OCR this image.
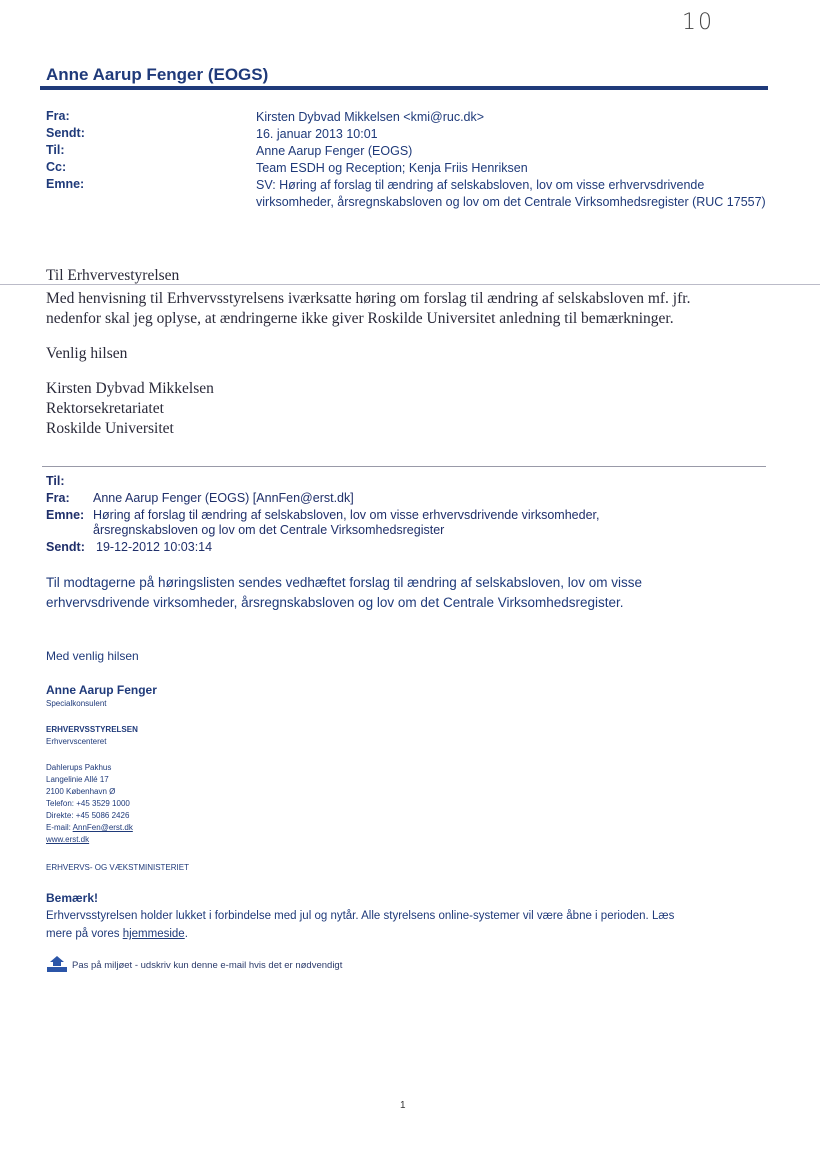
10
Anne Aarup Fenger (EOGS)
Fra:	Kirsten Dybvad Mikkelsen <kmi@ruc.dk>
Sendt:	16. januar 2013 10:01
Til:	Anne Aarup Fenger (EOGS)
Cc:	Team ESDH og Reception; Kenja Friis Henriksen
Emne:	SV: Høring af forslag til ændring af selskabsloven, lov om visse erhvervsdrivende virksomheder, årsregnskabsloven og lov om det Centrale Virksomhedsregister (RUC 17557)
Til Erhvervestyrelsen
Med henvisning til Erhvervsstyrelsens iværksatte høring om forslag til ændring af selskabsloven mf. jfr.
nedenfor skal jeg oplyse, at ændringerne ikke giver Roskilde Universitet anledning til bemærkninger.
Venlig hilsen
Kirsten Dybvad Mikkelsen
Rektorsekretariatet
Roskilde Universitet
Til:
Fra: Anne Aarup Fenger (EOGS) [AnnFen@erst.dk]
Emne: Høring af forslag til ændring af selskabsloven, lov om visse erhvervsdrivende virksomheder,
årsregnskabsloven og lov om det Centrale Virksomhedsregister
Sendt: 19-12-2012 10:03:14
Til modtagerne på høringslisten sendes vedhæftet forslag til ændring af selskabsloven, lov om visse
erhvervsdrivende virksomheder, årsregnskabsloven og lov om det Centrale Virksomhedsregister.
Med venlig hilsen
Anne Aarup Fenger
Specialkonsulent
ERHVERVSSTYRELSEN
Erhvervscenteret
Dahlerups Pakhus
Langelinie Allé 17
2100 København Ø
Telefon: +45 3529 1000
Direkte: +45 5086 2426
E-mail: AnnFen@erst.dk
www.erst.dk
ERHVERVS- OG VÆKSTMINISTERIET
Bemærk!
Erhvervsstyrelsen holder lukket i forbindelse med jul og nytår. Alle styrelsens online-systemer vil være åbne i perioden. Læs
mere på vores hjemmeside.
Pas på miljøet - udskriv kun denne e-mail hvis det er nødvendigt
1
